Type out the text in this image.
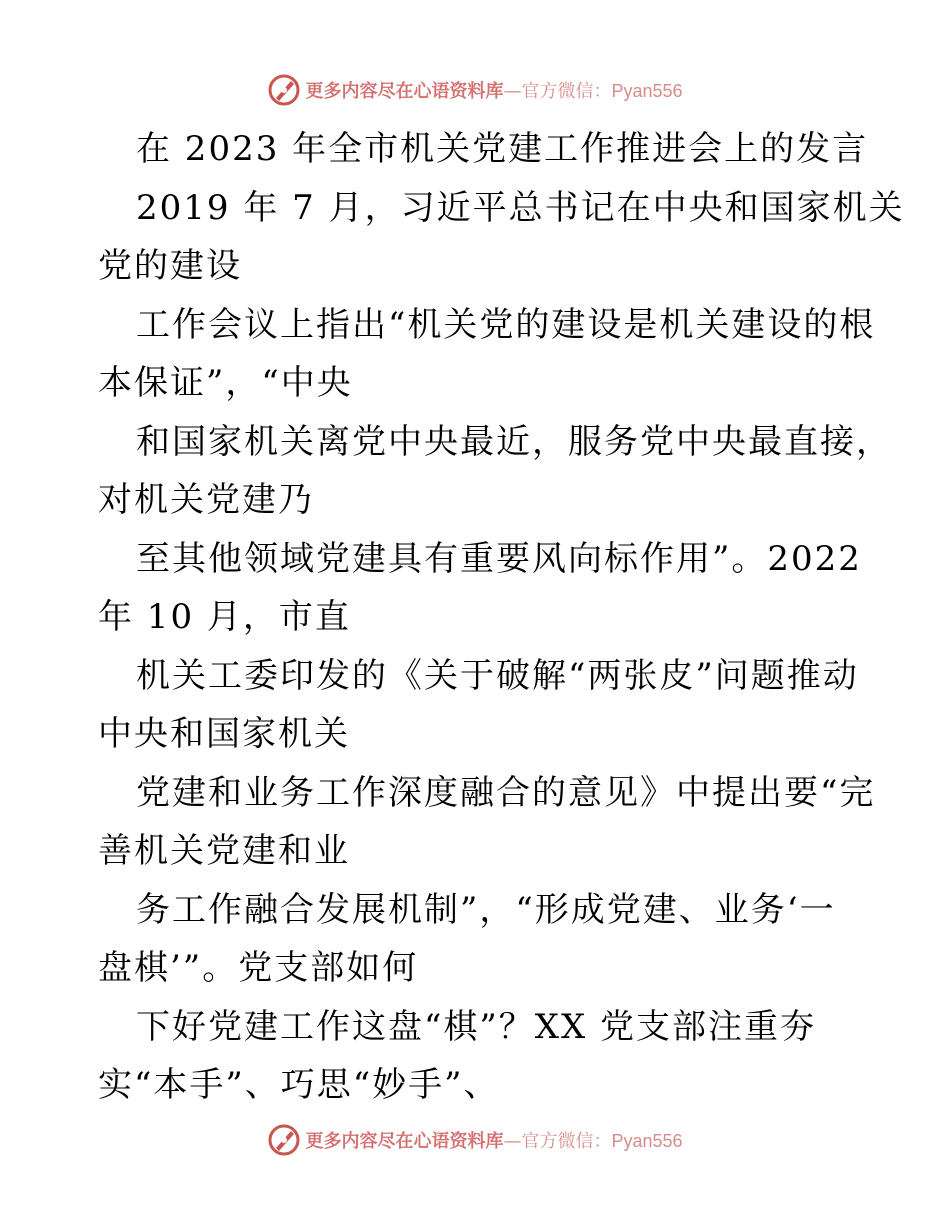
更多内容尽在心语资料库—官方微信：Pyan556
在 2023 年全市机关党建工作推进会上的发言
2019 年 7 月，习近平总书记在中央和国家机关
党的建设
工作会议上指出“机关党的建设是机关建设的根
本保证”，“中央
和国家机关离党中央最近，服务党中央最直接，
对机关党建乃
至其他领域党建具有重要风向标作用”。2022
年 10 月，市直
机关工委印发的《关于破解“两张皮”问题推动
中央和国家机关
党建和业务工作深度融合的意见》中提出要“完
善机关党建和业
务工作融合发展机制”，“形成党建、业务‘一
盘棋’”。党支部如何
下好党建工作这盘“棋”？XX 党支部注重夯
实“本手”、巧思“妙手”、
更多内容尽在心语资料库—官方微信：Pyan556
